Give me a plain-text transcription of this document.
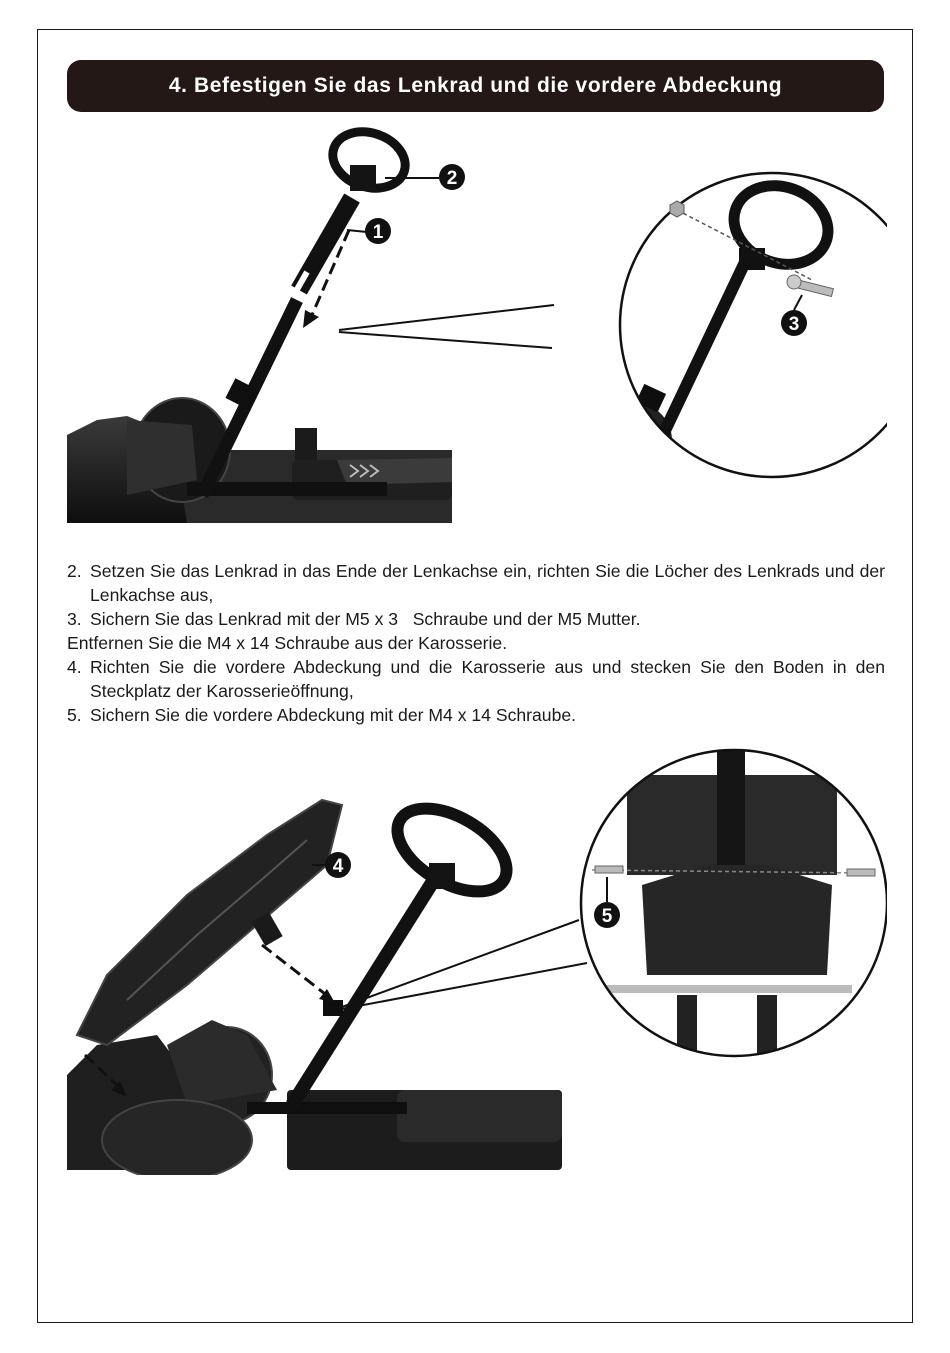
4. Befestigen Sie das Lenkrad und die vordere Abdeckung
1
2
3
2. Setzen Sie das Lenkrad in das Ende der Lenkachse ein, richten Sie die Löcher des Lenkrads und der Lenkachse aus,
3. Sichern Sie das Lenkrad mit der M5 x 3   Schraube und der M5 Mutter.

Entfernen Sie die M4 x 14 Schraube aus der Karosserie.

4. Richten Sie die vordere Abdeckung und die Karosserie aus und stecken Sie den Boden in den Steckplatz der Karosserieöffnung,
5. Sichern Sie die vordere Abdeckung mit der M4 x 14 Schraube.
4
5
